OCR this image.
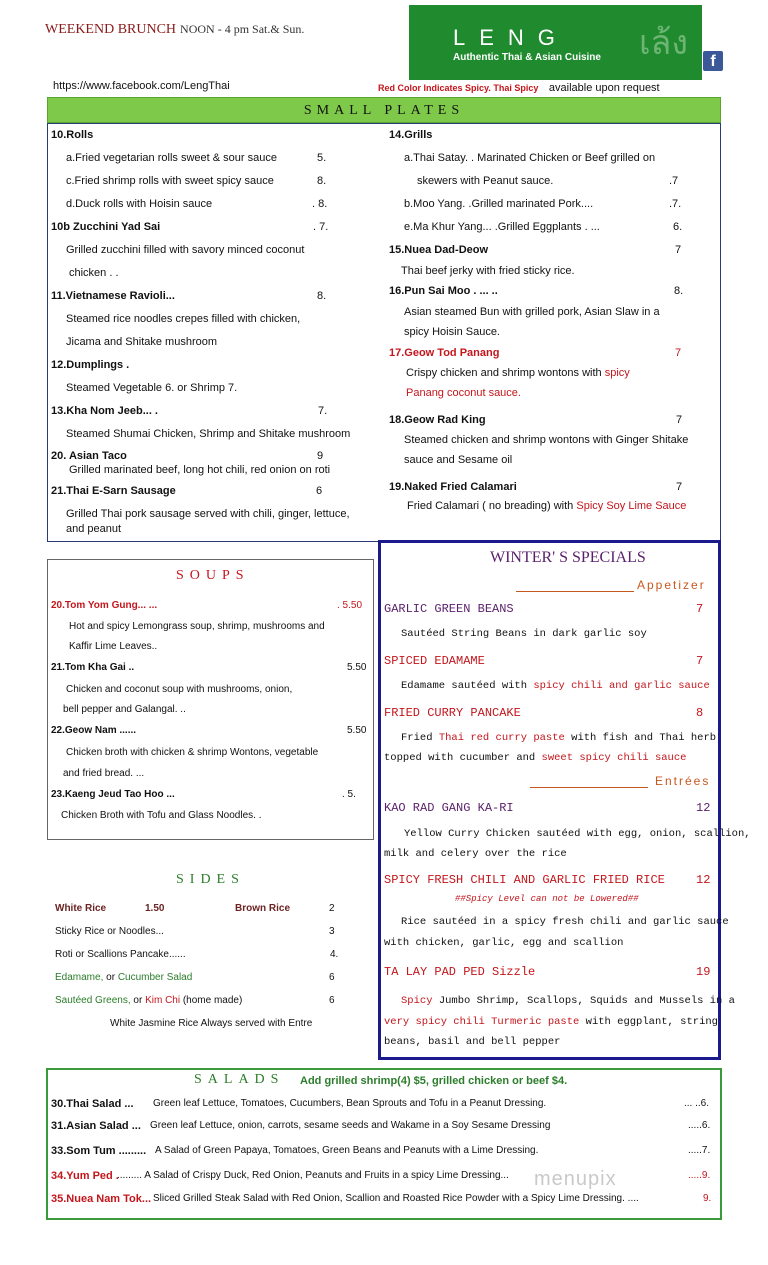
WEEKEND BRUNCH NOON - 4 pm Sat.& Sun.	เล้ง
LENG
Authentic Thai & Asian Cuisine	f
https://www.facebook.com/LengThai	Red Color Indicates Spicy. Thai Spicy available upon request
SMALL PLATES
10.Rolls
a.Fried vegetarian rolls sweet & sour sauce	5.
c.Fried shrimp rolls with sweet spicy sauce	8.
d.Duck rolls with Hoisin sauce	. 8.
10b Zucchini Yad Sai	. 7.
Grilled zucchini filled with savory minced coconut
chicken . .
11.Vietnamese Ravioli...	8.
Steamed rice noodles crepes filled with chicken,
Jicama and Shitake mushroom
12.Dumplings .
Steamed Vegetable 6. or Shrimp 7.
13.Kha Nom Jeeb... .	7.
Steamed Shumai Chicken, Shrimp and Shitake mushroom
20. Asian Taco	9
Grilled marinated beef, long hot chili, red onion on roti
21.Thai E-Sarn Sausage	6
Grilled Thai pork sausage served with chili, ginger, lettuce,
and peanut
14.Grills
a.Thai Satay. . Marinated Chicken or Beef grilled on
skewers with Peanut sauce.	.7
b.Moo Yang. .Grilled marinated Pork....	.7.
e.Ma Khur Yang... .Grilled Eggplants . ...	6.
15.Nuea Dad-Deow	7
Thai beef jerky with fried sticky rice.
16.Pun Sai Moo . ... ..	8.
Asian steamed Bun with grilled pork, Asian Slaw in a
spicy Hoisin Sauce.
17.Geow Tod Panang	7
Crispy chicken and shrimp wontons with spicy
Panang coconut sauce.
18.Geow Rad King	7
Steamed chicken and shrimp wontons with Ginger Shitake
sauce and Sesame oil
19.Naked Fried Calamari	7
Fried Calamari ( no breading) with Spicy Soy Lime Sauce
SOUPS
20.Tom Yom Gung... ...	. 5.50
Hot and spicy Lemongrass soup, shrimp, mushrooms and
Kaffir Lime Leaves..
21.Tom Kha Gai ..	5.50
Chicken and coconut soup with mushrooms, onion,
bell pepper and Galangal. ..
22.Geow Nam ......	5.50
Chicken broth with chicken & shrimp Wontons, vegetable
and fried bread. ...
23.Kaeng Jeud Tao Hoo ...	. 5.
Chicken Broth with Tofu and Glass Noodles. .
SIDES
White Rice	1.50	Brown Rice	2
Sticky Rice or Noodles...	3
Roti or Scallions Pancake......	4.
Edamame, or Cucumber Salad	6
Sautéed Greens, or Kim Chi (home made)	6
White Jasmine Rice Always served with Entre
WINTER' S SPECIALS
Appetizer
GARLIC GREEN BEANS	7
Sautéed String Beans in dark garlic soy
SPICED EDAMAME	7
Edamame sautéed with spicy chili and garlic sauce
FRIED CURRY PANCAKE	8
Fried Thai red curry paste with fish and Thai herb
topped with cucumber and sweet spicy chili sauce
Entrées
KAO RAD GANG KA-RI	12
Yellow Curry Chicken sautéed with egg, onion, scallion,
milk and celery over the rice
SPICY FRESH CHILI AND GARLIC FRIED RICE	12
##Spicy Level can not be Lowered##
Rice sautéed in a spicy fresh chili and garlic sauce
with chicken, garlic, egg and scallion
TA LAY PAD PED Sizzle	19
Spicy Jumbo Shrimp, Scallops, Squids and Mussels in a
very spicy chili Turmeric paste with eggplant, string
beans, basil and bell pepper
SALADS Add grilled shrimp(4) $5, grilled chicken or beef $4.
30.Thai Salad ... Green leaf Lettuce, Tomatoes, Cucumbers, Bean Sprouts and Tofu in a Peanut Dressing.	... ..6.
31.Asian Salad ... Green leaf Lettuce, onion, carrots, sesame seeds and Wakame in a Soy Sesame Dressing	.....6.
33.Som Tum ......... A Salad of Green Papaya, Tomatoes, Green Beans and Peanuts with a Lime Dressing.	.....7.
34.Yum Ped .
......... A Salad of Crispy Duck, Red Onion, Peanuts and Fruits in a spicy Lime Dressing...	.....9.
35.Nuea Nam Tok... Sliced Grilled Steak Salad with Red Onion, Scallion and Roasted Rice Powder with a Spicy Lime Dressing. ....	9.
menupix
